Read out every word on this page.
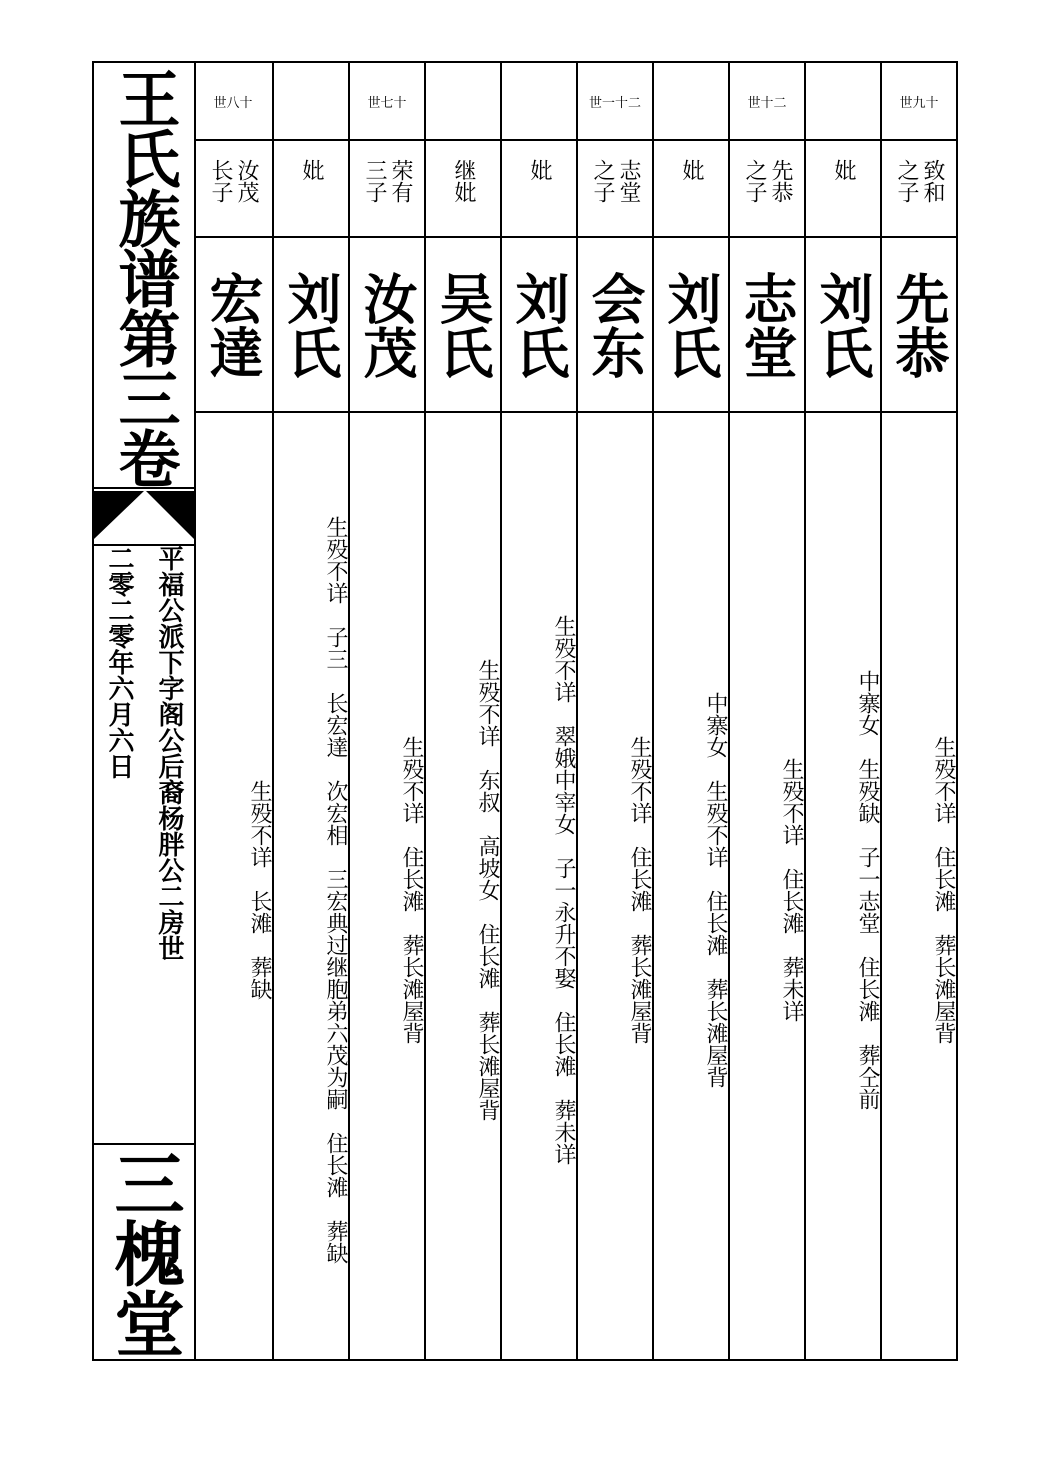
王氏族谱第三卷
平福公派下字阁公后裔杨胖公二房世
二零二零年六月六日
三槐堂
世九十
致和
之子
先恭
生殁不详　住长滩　葬长滩屋背
妣
刘氏
中寨女　生殁缺　子一志堂　住长滩　葬仝前
世十二
先恭
之子
志堂
生殁不详　住长滩　葬未详
妣
刘氏
中寨女　生殁不详　住长滩　葬长滩屋背
世一十二
志堂
之子
会东
生殁不详　住长滩　葬长滩屋背
妣
刘氏
生殁不详　翠娥中宰女　子一永升不娶　住长滩　葬未详
继妣
吴氏
生殁不详　东叔　高坡女　住长滩　葬长滩屋背
世七十
荣有
三子
汝茂
生殁不详　住长滩　葬长滩屋背
妣
刘氏
生殁不详　子三　长宏達　次宏相　三宏典过继胞弟六茂为嗣　住长滩　葬缺
世八十
汝茂
长子
宏達
生殁不详　长滩　葬缺
